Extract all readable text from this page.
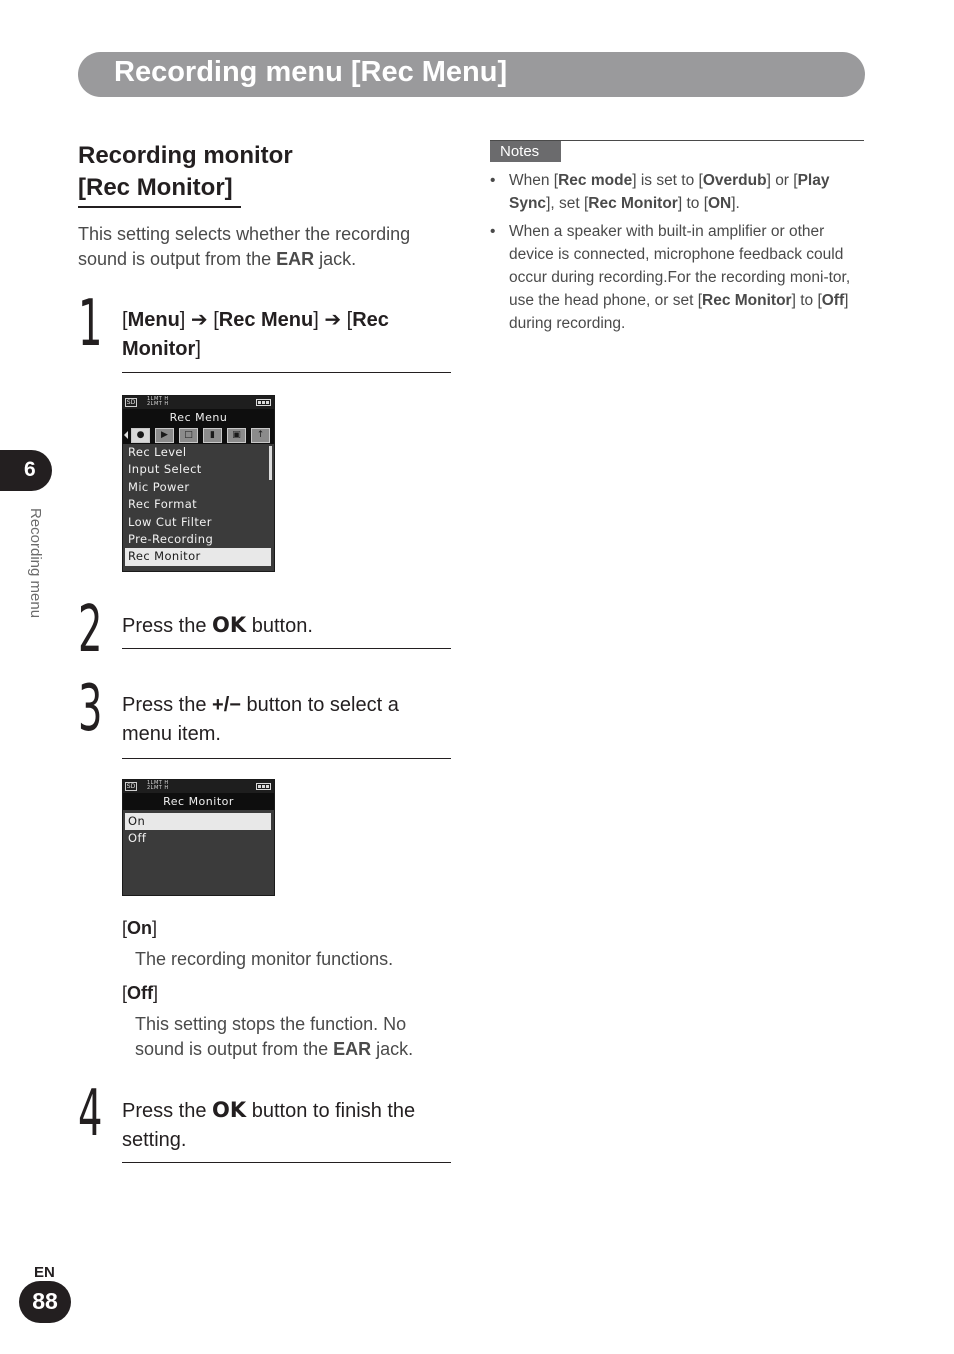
Recording menu [Rec Menu]
Recording monitor
[Rec Monitor]
This setting selects whether the recording sound is output from the EAR jack.
1 [Menu] ➔ [Rec Menu] ➔ [Rec Monitor]
SD	1LMT H
2LMT H
Rec Menu
●	▶	□	▮	▣	↑
Rec Level
Input Select
Mic Power
Rec Format
Low Cut Filter
Pre-Recording
Rec Monitor
2 Press the OK button.
3 Press the +/− button to select a menu item.
SD	1LMT H
2LMT H
Rec Monitor
On
Off
[On]
The recording monitor functions.
[Off]
This setting stops the function. No sound is output from the EAR jack.
4 Press the OK button to finish the setting.
Notes
• When [Rec mode] is set to [Overdub] or [Play Sync], set [Rec Monitor] to [ON].
• When a speaker with built-in amplifier or other device is connected, microphone feedback could occur during recording.For the recording moni-tor, use the head phone, or set [Rec Monitor] to [Off] during recording.
6
Recording menu
EN
88
